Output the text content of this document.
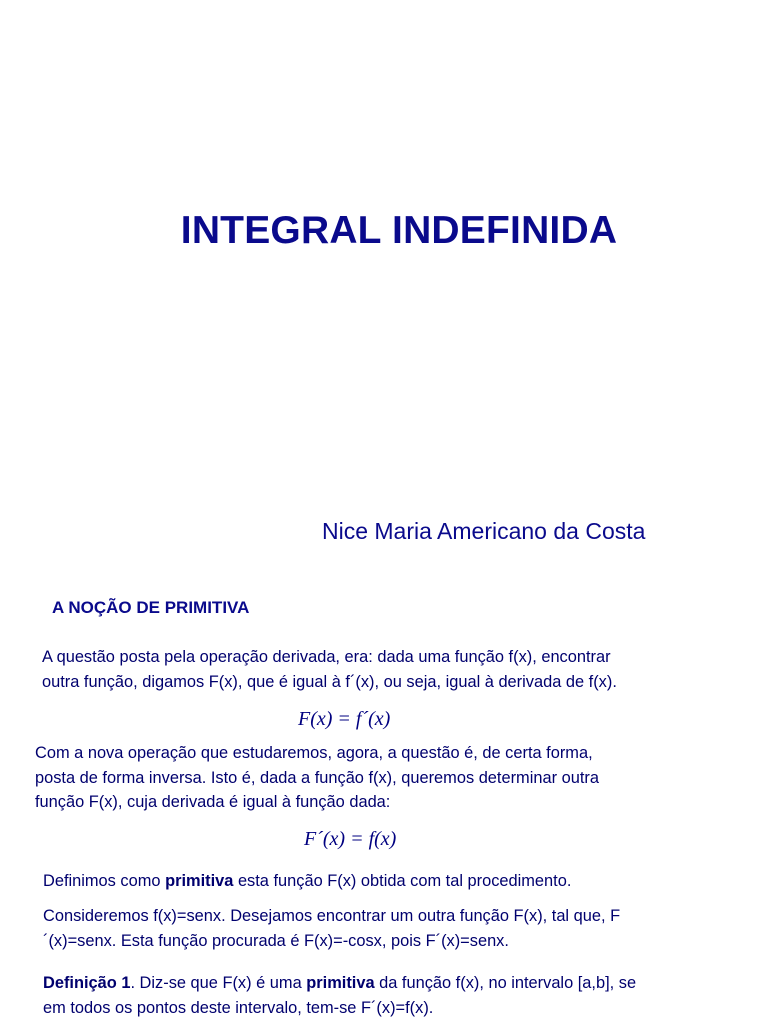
INTEGRAL INDEFINIDA
Nice Maria Americano da Costa
A NOÇÃO DE PRIMITIVA
A questão posta pela operação derivada, era: dada uma função f(x), encontrar
outra função, digamos F(x), que é igual à f´(x), ou seja, igual à derivada de f(x).
F(x) = f´(x)
Com a nova operação que estudaremos, agora, a questão é, de certa forma,
posta de forma inversa. Isto é, dada a função f(x), queremos determinar outra
função F(x), cuja derivada é igual à função dada:
F´(x) = f(x)
Definimos como primitiva esta função F(x) obtida com tal procedimento.
Consideremos f(x)=senx. Desejamos encontrar um outra função F(x), tal que, F
´(x)=senx. Esta função procurada é F(x)=-cosx, pois F´(x)=senx.
Definição 1. Diz-se que F(x) é uma primitiva da função f(x), no intervalo [a,b], se
em todos os pontos deste intervalo, tem-se F´(x)=f(x).
